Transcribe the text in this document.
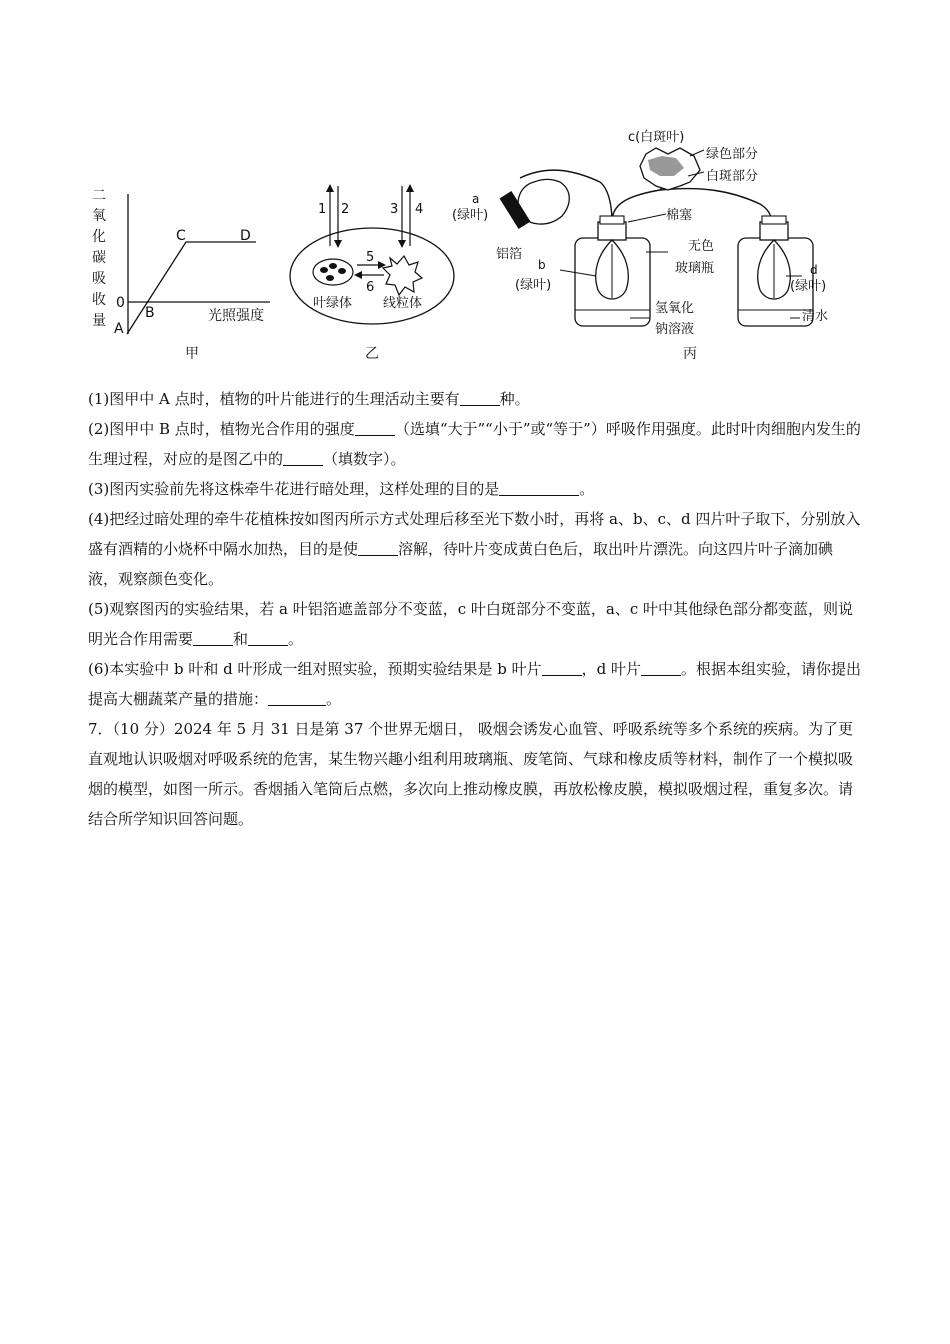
二
氧
化
碳
吸
收
量
0
A
B
C	D
光照强度
甲
1 2	3 4
5
6
叶绿体 线粒体
乙
c(白斑叶)
绿色部分
白斑部分
a
(绿叶)
铝箔
棉塞
无色
玻璃瓶
b
(绿叶)
d
(绿叶)
氢氧化
钠溶液
清水
丙
(1)图甲中 A 点时，植物的叶片能进行的生理活动主要有	种。
(2)图甲中 B 点时，植物光合作用的强度	（选填“大于”“小于”或“等于”）呼吸作用强度。此时叶肉细胞内发生的生理过程，对应的是图乙中的	（填数字）。
(3)图丙实验前先将这株牵牛花进行暗处理，这样处理的目的是	。
(4)把经过暗处理的牵牛花植株按如图丙所示方式处理后移至光下数小时，再将 a、b、c、d 四片叶子取下，分别放入盛有酒精的小烧杯中隔水加热，目的是使	溶解，待叶片变成黄白色后，取出叶片漂洗。向这四片叶子滴加碘液，观察颜色变化。
(5)观察图丙的实验结果，若 a 叶铝箔遮盖部分不变蓝，c 叶白斑部分不变蓝，a、c 叶中其他绿色部分都变蓝，则说明光合作用需要	和	。
(6)本实验中 b 叶和 d 叶形成一组对照实验，预期实验结果是 b 叶片	，d 叶片	。根据本组实验，请你提出提高大棚蔬菜产量的措施：	。
7．（10 分）2024 年 5 月 31 日是第 37 个世界无烟日， 吸烟会诱发心血管、呼吸系统等多个系统的疾病。为了更直观地认识吸烟对呼吸系统的危害，某生物兴趣小组利用玻璃瓶、废笔筒、气球和橡皮质等材料，制作了一个模拟吸烟的模型，如图一所示。香烟插入笔筒后点燃，多次向上推动橡皮膜，再放松橡皮膜，模拟吸烟过程，重复多次。请结合所学知识回答问题。
